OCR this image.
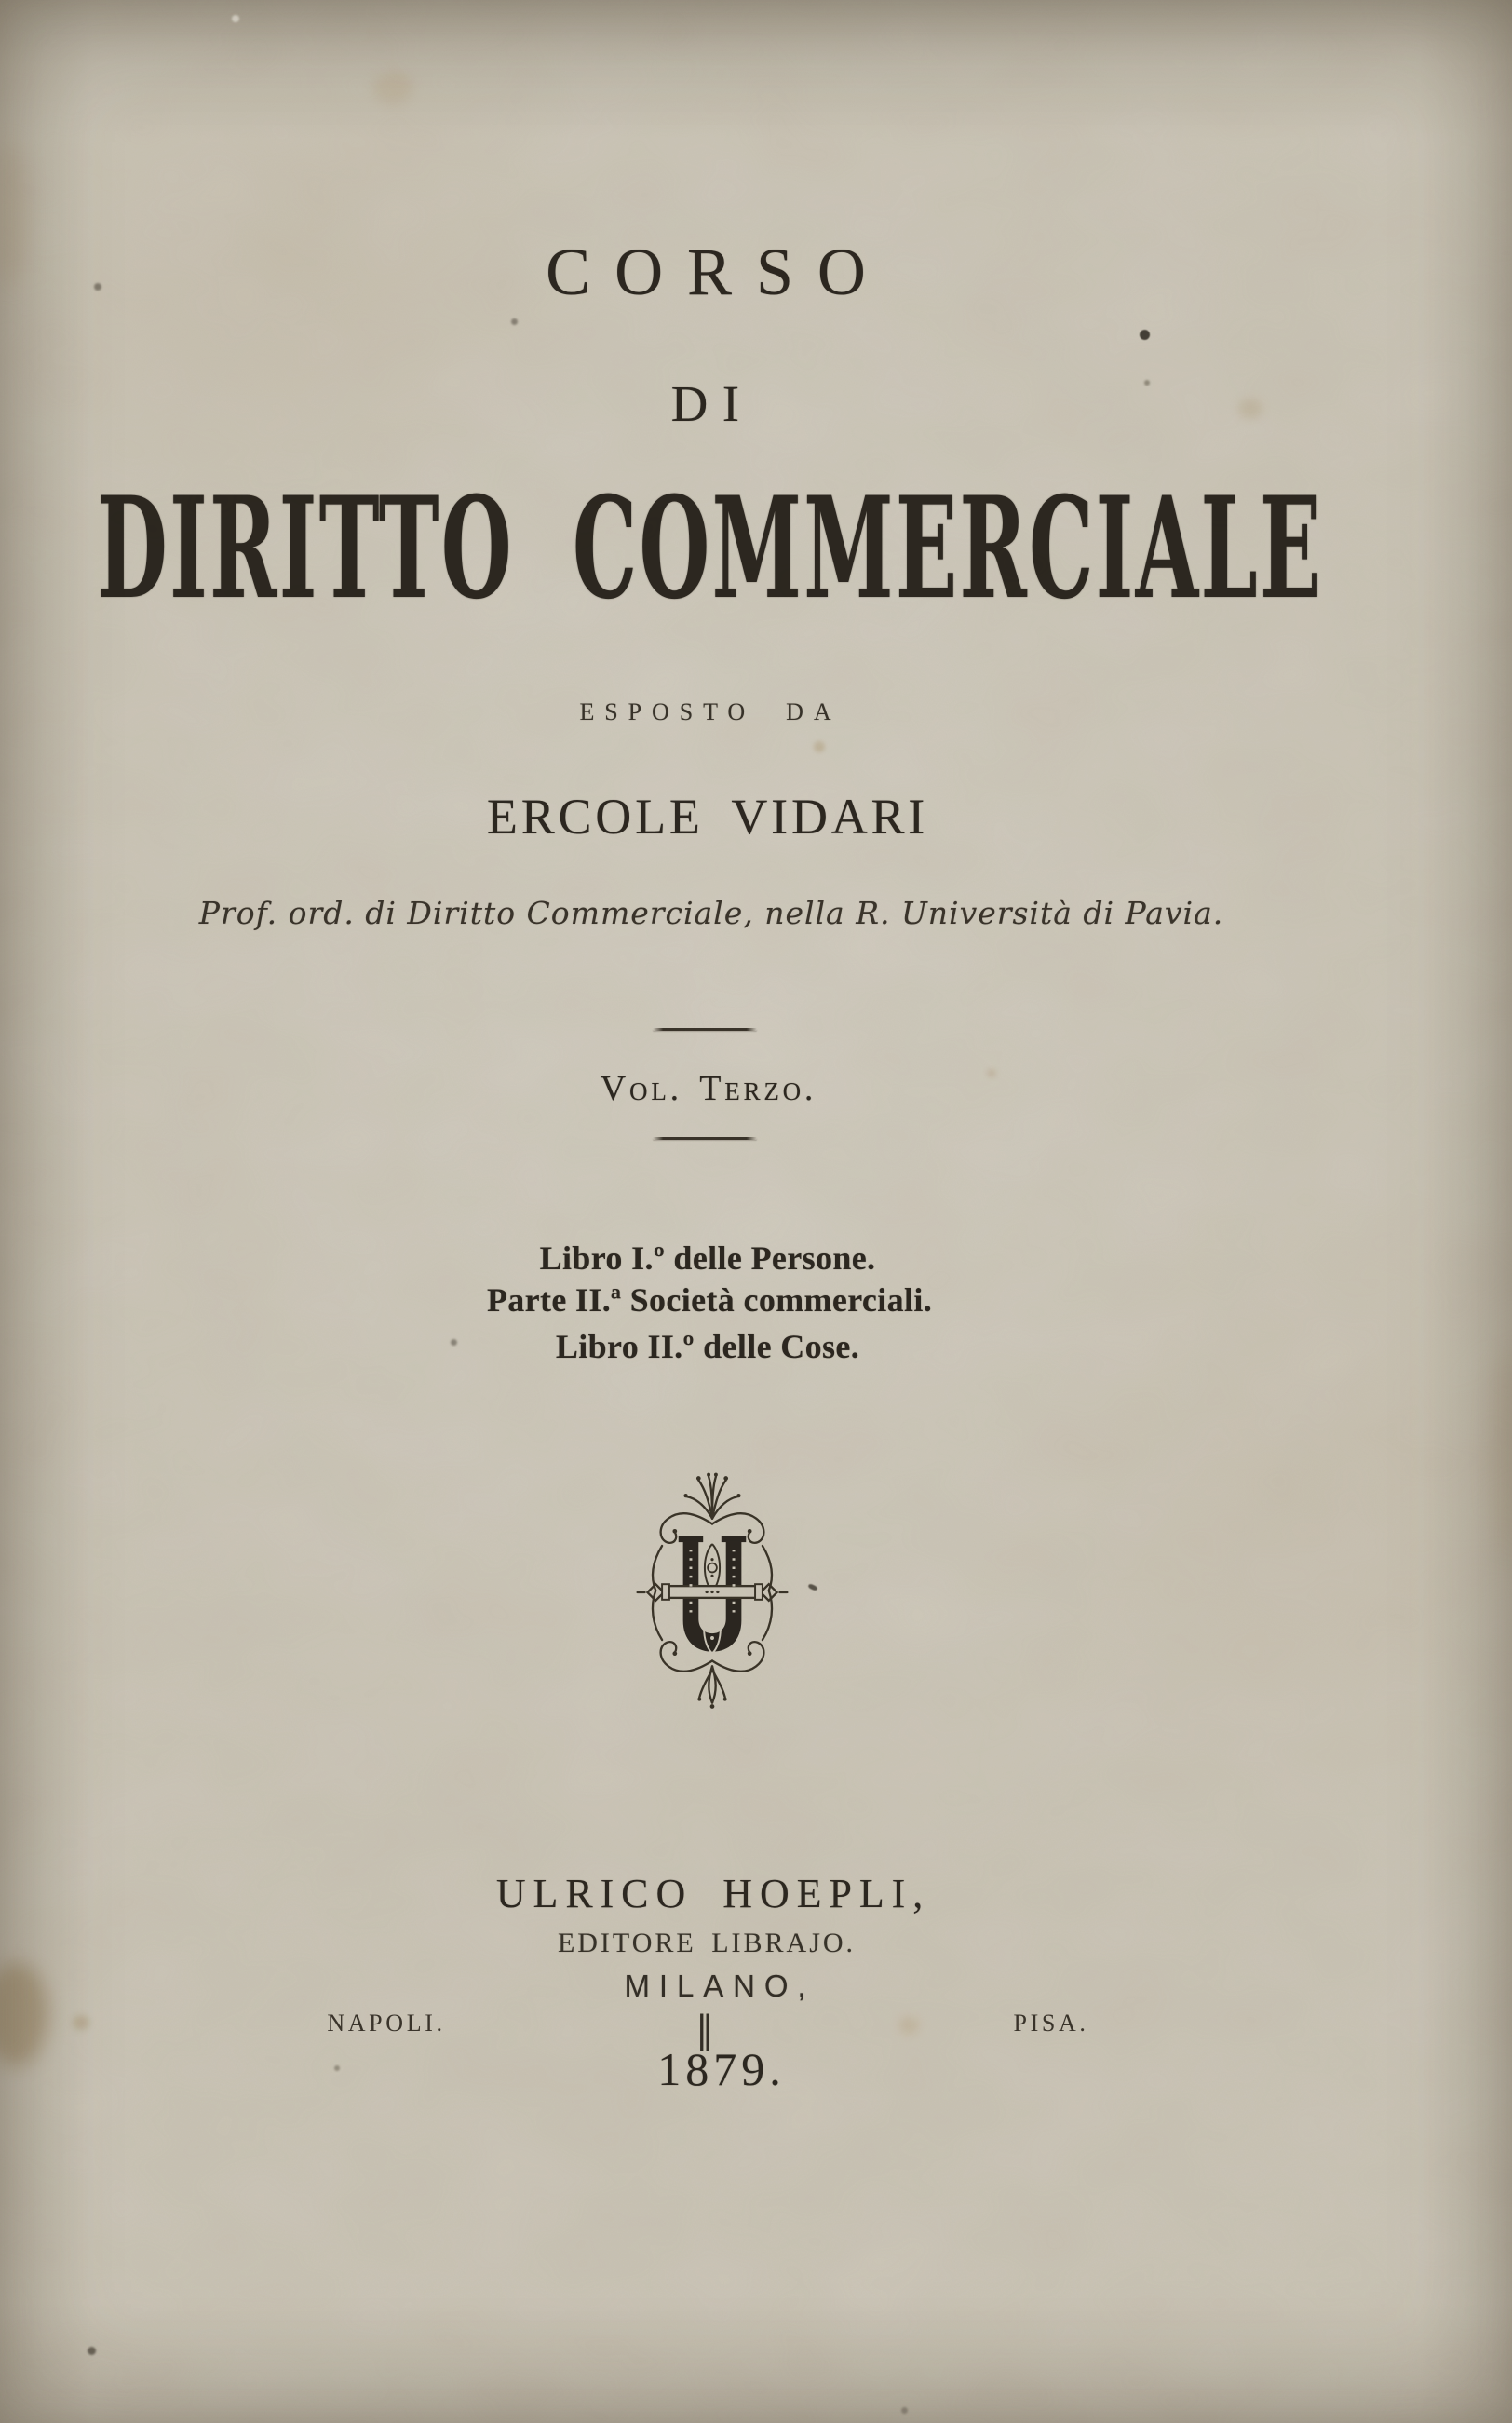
CORSO
DI
DIRITTO COMMERCIALE
ESPOSTO DA
ERCOLE VIDARI
Prof. ord. di Diritto Commerciale, nella R. Università di Pavia.
Vol. Terzo.
Libro I.º delle Persone.
Parte II.ª Società commerciali.
Libro II.º delle Cose.
ULRICO HOEPLI,
EDITORE LIBRAJO.
MILANO,
NAPOLI.	‖	PISA.
1879.
